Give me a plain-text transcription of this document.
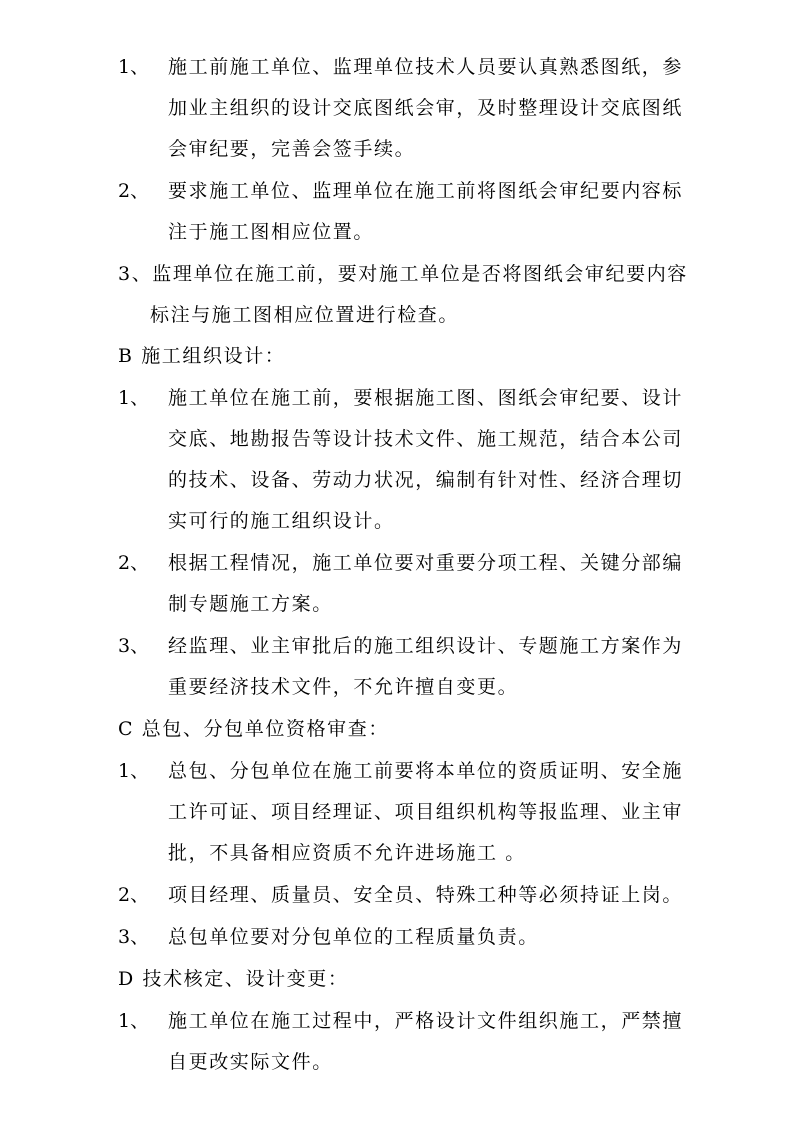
1、 施工前施工单位、监理单位技术人员要认真熟悉图纸，参
加业主组织的设计交底图纸会审，及时整理设计交底图纸
会审纪要，完善会签手续。
2、 要求施工单位、监理单位在施工前将图纸会审纪要内容标
注于施工图相应位置。
3、监理单位在施工前，要对施工单位是否将图纸会审纪要内容
标注与施工图相应位置进行检查。
B 施工组织设计：
1、 施工单位在施工前，要根据施工图、图纸会审纪要、设计
交底、地勘报告等设计技术文件、施工规范，结合本公司
的技术、设备、劳动力状况，编制有针对性、经济合理切
实可行的施工组织设计。
2、 根据工程情况，施工单位要对重要分项工程、关键分部编
制专题施工方案。
3、 经监理、业主审批后的施工组织设计、专题施工方案作为
重要经济技术文件，不允许擅自变更。
C 总包、分包单位资格审查：
1、 总包、分包单位在施工前要将本单位的资质证明、安全施
工许可证、项目经理证、项目组织机构等报监理、业主审
批，不具备相应资质不允许进场施工 。
2、 项目经理、质量员、安全员、特殊工种等必须持证上岗。
3、 总包单位要对分包单位的工程质量负责。
D 技术核定、设计变更：
1、 施工单位在施工过程中，严格设计文件组织施工，严禁擅
自更改实际文件。
